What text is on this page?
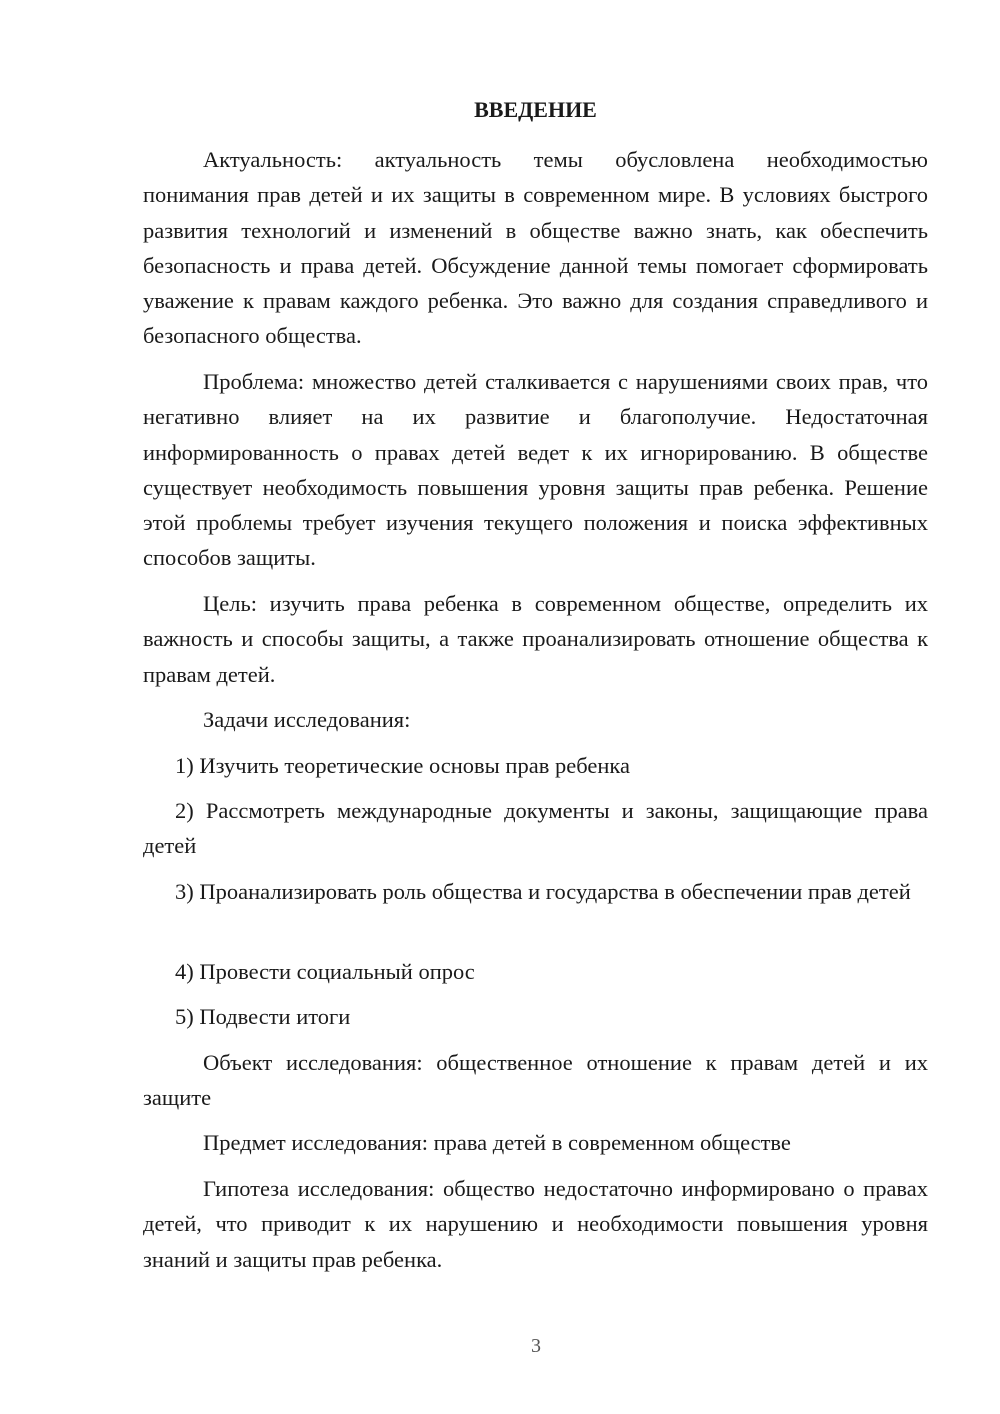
ВВЕДЕНИЕ

Актуальность: актуальность темы обусловлена необходимостью понимания прав детей и их защиты в современном мире. В условиях быстрого развития технологий и изменений в обществе важно знать, как обеспечить безопасность и права детей. Обсуждение данной темы помогает сформировать уважение к правам каждого ребенка. Это важно для создания справедливого и безопасного общества.

Проблема: множество детей сталкивается с нарушениями своих прав, что негативно влияет на их развитие и благополучие. Недостаточная информированность о правах детей ведет к их игнорированию. В обществе существует необходимость повышения уровня защиты прав ребенка. Решение этой проблемы требует изучения текущего положения и поиска эффективных способов защиты.

Цель: изучить права ребенка в современном обществе, определить их важность и способы защиты, а также проанализировать отношение общества к правам детей.

Задачи исследования:

1) Изучить теоретические основы прав ребенка

2) Рассмотреть международные документы и законы, защищающие права детей

3) Проанализировать роль общества и государства в обеспечении прав детей

4) Провести социальный опрос

5) Подвести итоги

Объект исследования: общественное отношение к правам детей и их защите

Предмет исследования: права детей в современном обществе

Гипотеза исследования: общество недостаточно информировано о правах детей, что приводит к их нарушению и необходимости повышения уровня знаний и защиты прав ребенка.

3
